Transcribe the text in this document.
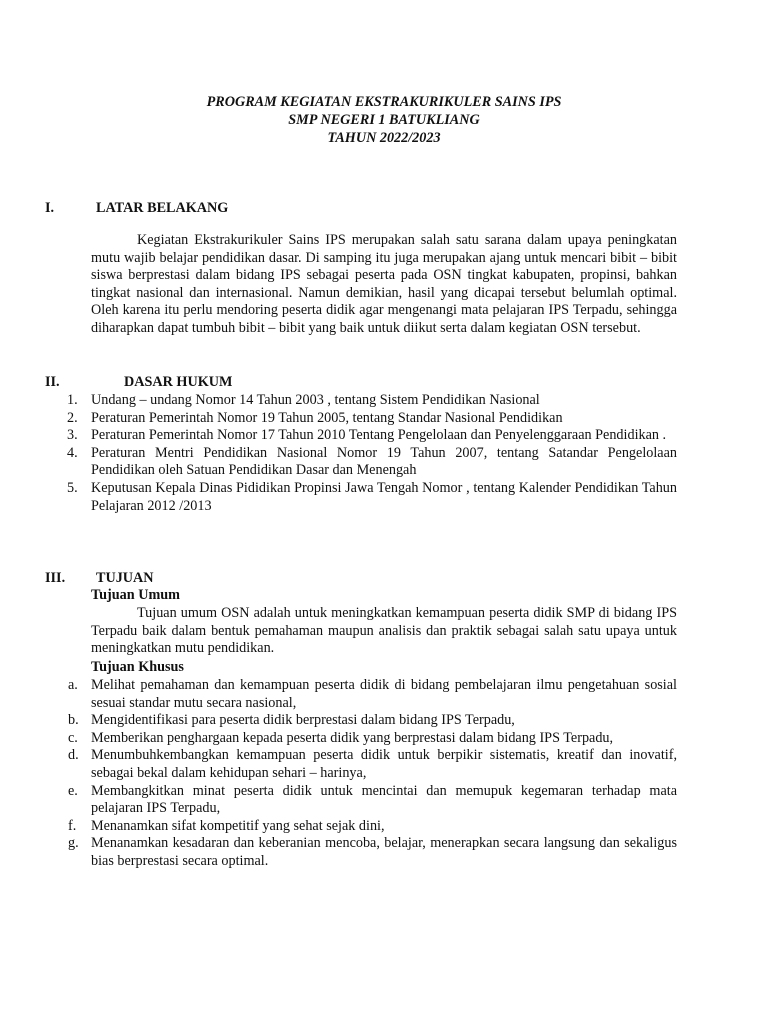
PROGRAM KEGIATAN EKSTRAKURIKULER SAINS IPS
SMP NEGERI 1 BATUKLIANG
TAHUN 2022/2023
I.	LATAR BELAKANG
Kegiatan Ekstrakurikuler Sains IPS merupakan salah satu sarana dalam upaya peningkatan mutu wajib belajar pendidikan dasar. Di samping itu juga merupakan ajang untuk mencari bibit – bibit siswa berprestasi dalam bidang IPS sebagai peserta pada OSN tingkat kabupaten, propinsi, bahkan tingkat nasional dan internasional. Namun demikian, hasil yang dicapai tersebut belumlah optimal. Oleh karena itu perlu mendoring peserta didik agar mengenangi mata pelajaran IPS Terpadu, sehingga diharapkan dapat tumbuh bibit – bibit yang baik untuk diikut serta dalam kegiatan OSN tersebut.
II.	DASAR HUKUM
1. Undang – undang Nomor 14 Tahun 2003 , tentang Sistem Pendidikan Nasional
2. Peraturan Pemerintah Nomor 19 Tahun 2005, tentang Standar Nasional Pendidikan
3. Peraturan Pemerintah Nomor 17 Tahun 2010 Tentang Pengelolaan dan Penyelenggaraan Pendidikan .
4. Peraturan Mentri Pendidikan Nasional Nomor 19 Tahun 2007, tentang Satandar Pengelolaan Pendidikan oleh Satuan Pendidikan Dasar dan Menengah
5. Keputusan Kepala Dinas Pididikan Propinsi Jawa Tengah Nomor , tentang Kalender Pendidikan Tahun Pelajaran 2012 /2013
III. TUJUAN
Tujuan Umum
Tujuan umum OSN adalah untuk meningkatkan kemampuan peserta didik SMP di bidang IPS Terpadu baik dalam bentuk pemahaman maupun analisis dan praktik sebagai salah satu upaya untuk meningkatkan mutu pendidikan.
Tujuan Khusus
a. Melihat pemahaman dan kemampuan peserta didik di bidang pembelajaran ilmu pengetahuan sosial sesuai standar mutu secara nasional,
b. Mengidentifikasi para peserta didik berprestasi dalam bidang IPS Terpadu,
c. Memberikan penghargaan kepada peserta didik yang berprestasi dalam bidang IPS Terpadu,
d. Menumbuhkembangkan kemampuan peserta didik untuk berpikir sistematis, kreatif dan inovatif, sebagai bekal dalam kehidupan sehari – harinya,
e. Membangkitkan minat peserta didik untuk mencintai dan memupuk kegemaran terhadap mata pelajaran IPS Terpadu,
f. Menanamkan sifat kompetitif yang sehat sejak dini,
g. Menanamkan kesadaran dan keberanian mencoba, belajar, menerapkan secara langsung dan sekaligus bias berprestasi secara optimal.
